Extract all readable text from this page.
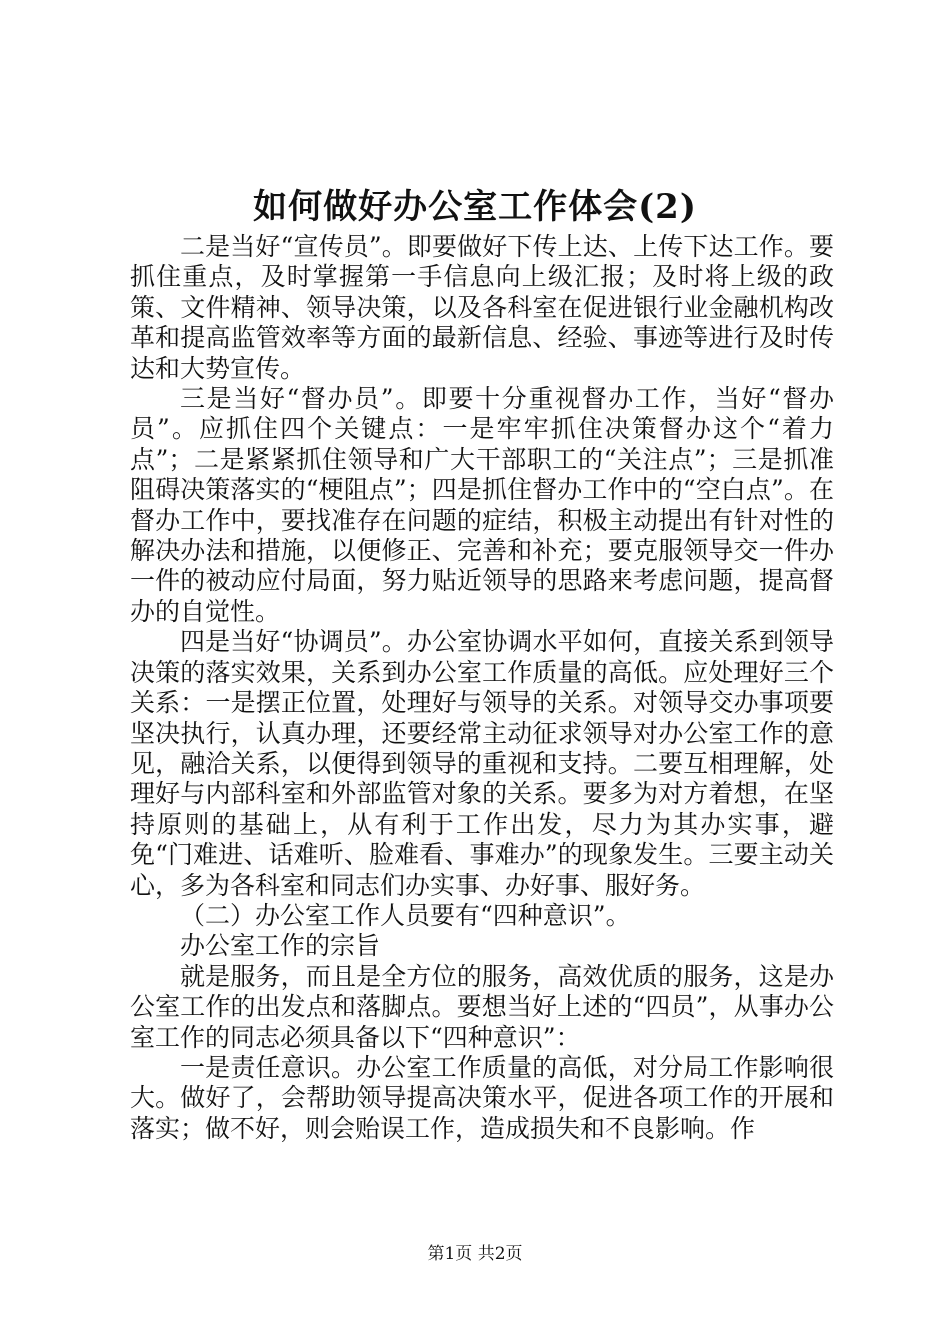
如何做好办公室工作体会(2)

二是当好“宣传员”。即要做好下传上达、上传下达工作。要抓住重点，及时掌握第一手信息向上级汇报；及时将上级的政策、文件精神、领导决策，以及各科室在促进银行业金融机构改革和提高监管效率等方面的最新信息、经验、事迹等进行及时传达和大势宣传。

三是当好“督办员”。即要十分重视督办工作，当好“督办员”。应抓住四个关键点：一是牢牢抓住决策督办这个“着力点”；二是紧紧抓住领导和广大干部职工的“关注点”；三是抓准阻碍决策落实的“梗阻点”；四是抓住督办工作中的“空白点”。在督办工作中，要找准存在问题的症结，积极主动提出有针对性的解决办法和措施，以便修正、完善和补充；要克服领导交一件办一件的被动应付局面，努力贴近领导的思路来考虑问题，提高督办的自觉性。

四是当好“协调员”。办公室协调水平如何，直接关系到领导决策的落实效果，关系到办公室工作质量的高低。应处理好三个关系：一是摆正位置，处理好与领导的关系。对领导交办事项要坚决执行，认真办理，还要经常主动征求领导对办公室工作的意见，融洽关系，以便得到领导的重视和支持。二要互相理解，处理好与内部科室和外部监管对象的关系。要多为对方着想，在坚持原则的基础上，从有利于工作出发，尽力为其办实事，避免“门难进、话难听、脸难看、事难办”的现象发生。三要主动关心，多为各科室和同志们办实事、办好事、服好务。

（二）办公室工作人员要有“四种意识”。

办公室工作的宗旨

就是服务，而且是全方位的服务，高效优质的服务，这是办公室工作的出发点和落脚点。要想当好上述的“四员”，从事办公室工作的同志必须具备以下“四种意识”：

一是责任意识。办公室工作质量的高低，对分局工作影响很大。做好了，会帮助领导提高决策水平，促进各项工作的开展和落实；做不好，则会贻误工作，造成损失和不良影响。作

第1页 共2页
